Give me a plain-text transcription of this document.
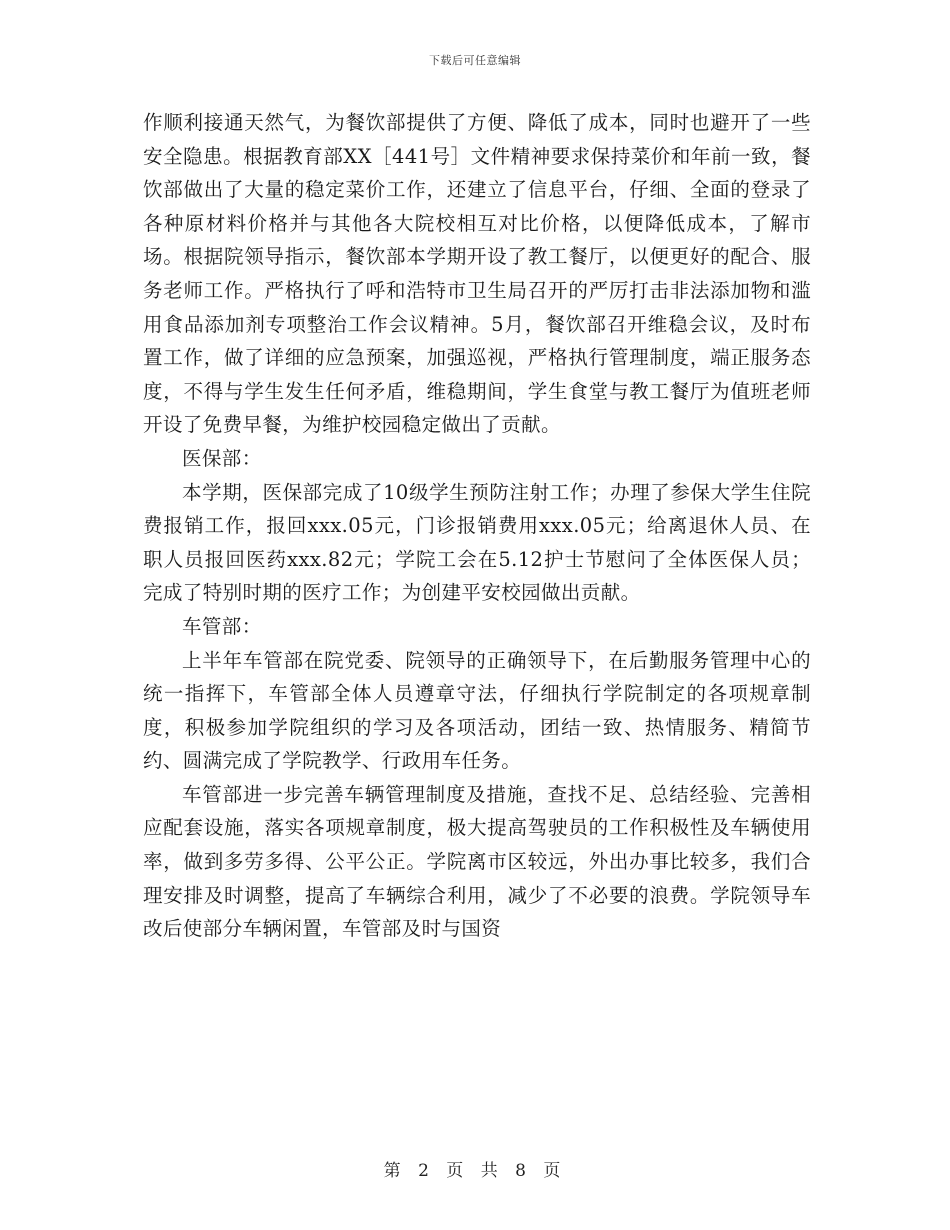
下载后可任意编辑

作顺利接通天然气，为餐饮部提供了方便、降低了成本，同时也避开了一些安全隐患。根据教育部XX［441号］文件精神要求保持菜价和年前一致，餐饮部做出了大量的稳定菜价工作，还建立了信息平台，仔细、全面的登录了各种原材料价格并与其他各大院校相互对比价格，以便降低成本，了解市场。根据院领导指示，餐饮部本学期开设了教工餐厅，以便更好的配合、服务老师工作。严格执行了呼和浩特市卫生局召开的严厉打击非法添加物和滥用食品添加剂专项整治工作会议精神。5月，餐饮部召开维稳会议，及时布置工作，做了详细的应急预案，加强巡视，严格执行管理制度，端正服务态度，不得与学生发生任何矛盾，维稳期间，学生食堂与教工餐厅为值班老师开设了免费早餐，为维护校园稳定做出了贡献。

医保部：

本学期，医保部完成了10级学生预防注射工作；办理了参保大学生住院费报销工作，报回xxx.05元，门诊报销费用xxx.05元；给离退休人员、在职人员报回医药xxx.82元；学院工会在5.12护士节慰问了全体医保人员；完成了特别时期的医疗工作；为创建平安校园做出贡献。

车管部：

上半年车管部在院党委、院领导的正确领导下，在后勤服务管理中心的统一指挥下，车管部全体人员遵章守法，仔细执行学院制定的各项规章制度，积极参加学院组织的学习及各项活动，团结一致、热情服务、精简节约、圆满完成了学院教学、行政用车任务。

车管部进一步完善车辆管理制度及措施，查找不足、总结经验、完善相应配套设施，落实各项规章制度，极大提高驾驶员的工作积极性及车辆使用率，做到多劳多得、公平公正。学院离市区较远，外出办事比较多，我们合理安排及时调整，提高了车辆综合利用，减少了不必要的浪费。学院领导车改后使部分车辆闲置，车管部及时与国资

第 2 页 共 8 页
